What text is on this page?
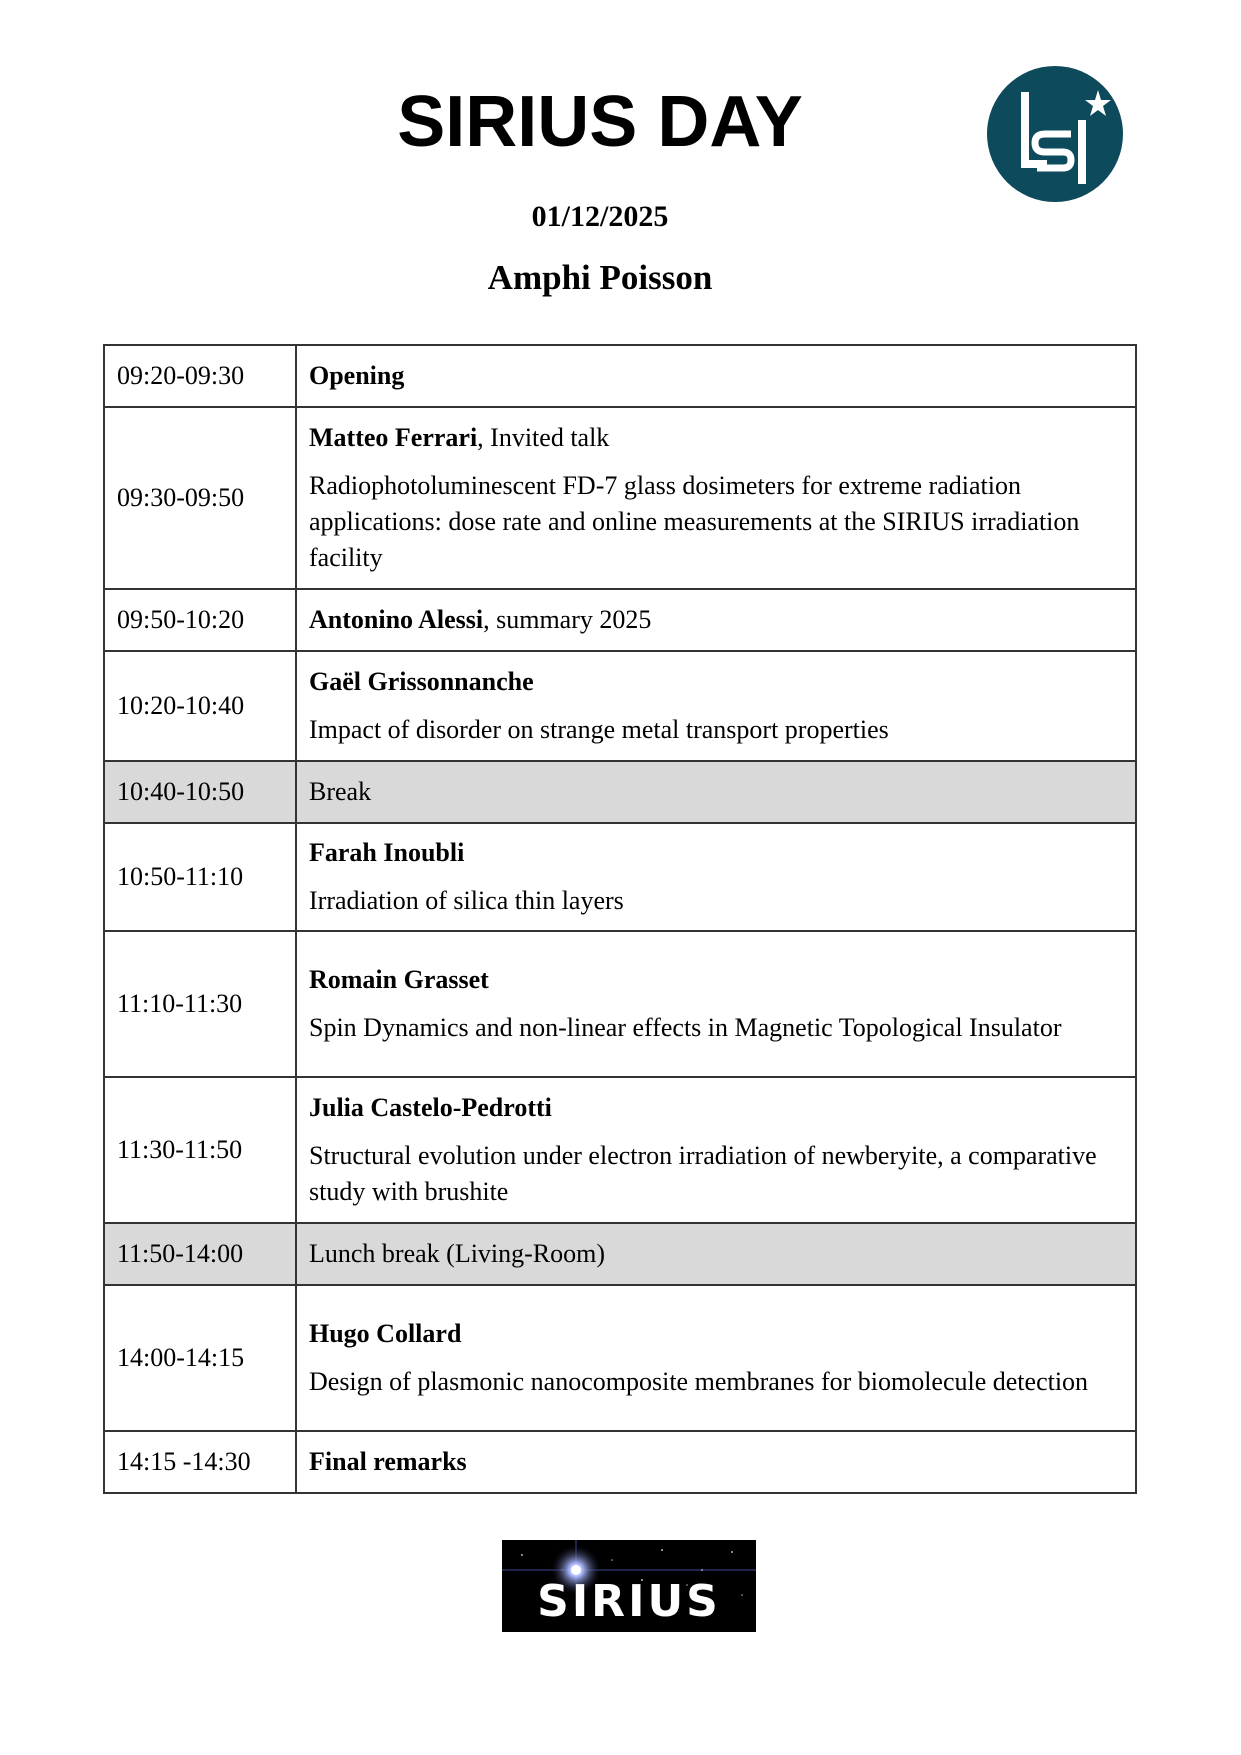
SIRIUS DAY
01/12/2025
Amphi Poisson
09:20-09:30	Opening

09:30-09:50	Matteo Ferrari, Invited talk
Radiophotoluminescent FD-7 glass dosimeters for extreme radiation applications: dose rate and online measurements at the SIRIUS irradiation facility

09:50-10:20	Antonino Alessi, summary 2025

10:20-10:40	Gaël Grissonnanche
Impact of disorder on strange metal transport properties

10:40-10:50	Break

10:50-11:10	Farah Inoubli
Irradiation of silica thin layers

11:10-11:30	Romain Grasset
Spin Dynamics and non-linear effects in Magnetic Topological Insulator

11:30-11:50	Julia Castelo-Pedrotti
Structural evolution under electron irradiation of newberyite, a comparative study with brushite

11:50-14:00	Lunch break (Living-Room)

14:00-14:15	Hugo Collard
Design of plasmonic nanocomposite membranes for biomolecule detection

14:15 -14:30	Final remarks
SIRIUS
